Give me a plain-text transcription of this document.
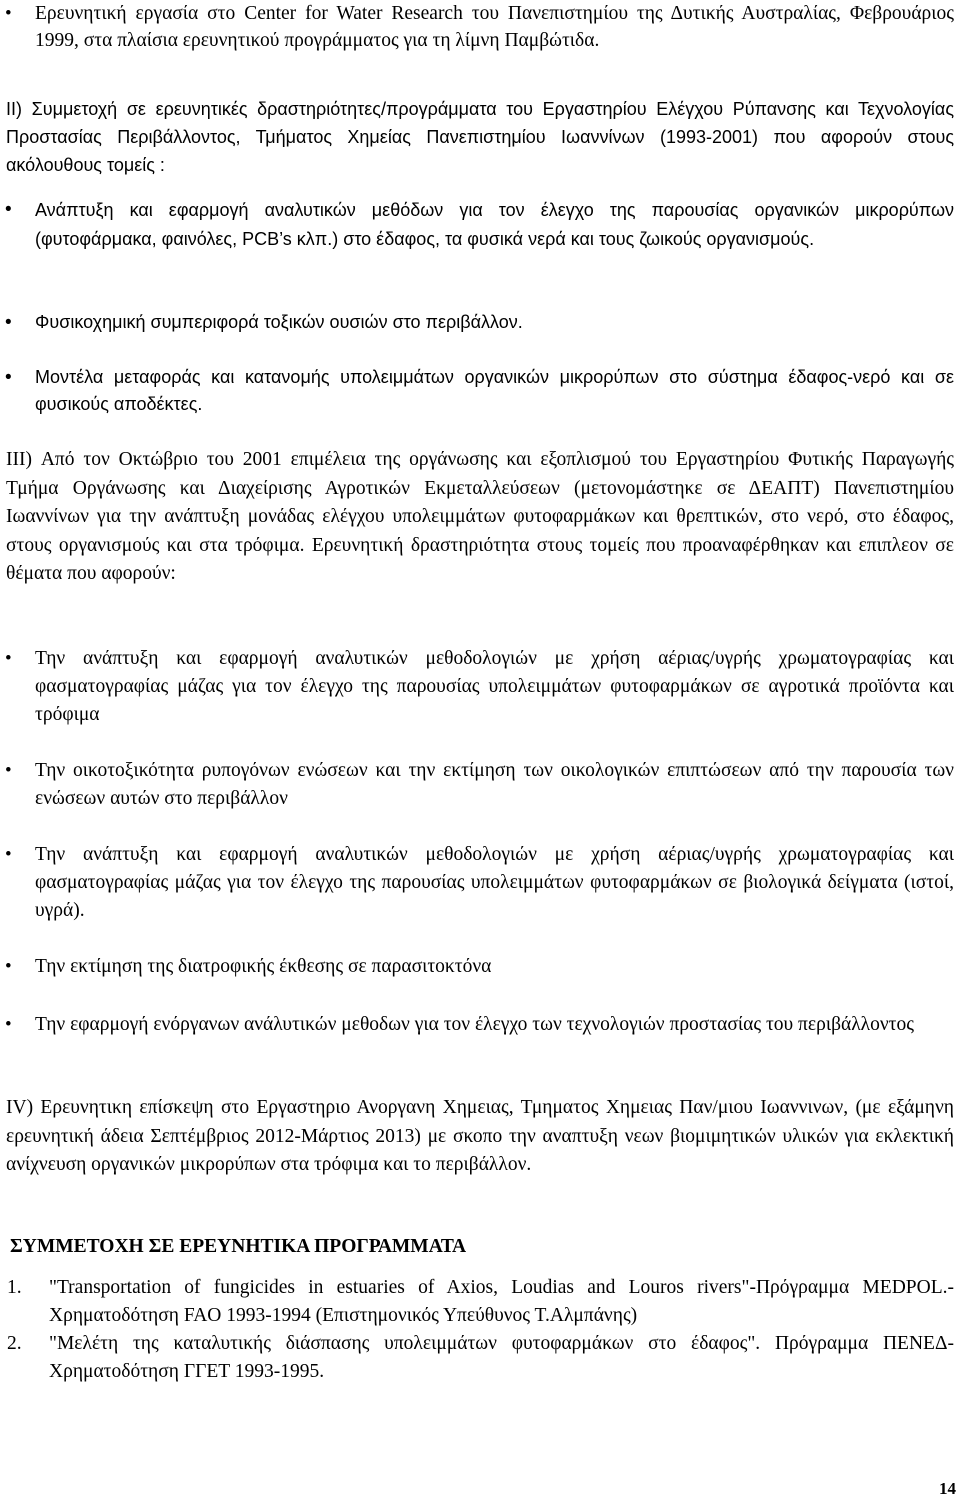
•	Ερευνητική εργασία στο Center for Water Research του Πανεπιστημίου της Δυτικής Αυστραλίας, Φεβρουάριος 1999, στα πλαίσια ερευνητικού προγράμματος για τη λίμνη Παμβώτιδα.

II) Συμμετοχή σε ερευνητικές δραστηριότητες/προγράμματα του Εργαστηρίου Ελέγχου Ρύπανσης και Τεχνολογίας Προστασίας Περιβάλλοντος, Τμήματος Χημείας Πανεπιστημίου Ιωαννίνων (1993-2001) που αφορούν στους ακόλουθους τομείς :

•	Ανάπτυξη και εφαρμογή αναλυτικών μεθόδων για τον έλεγχο της παρουσίας οργανικών μικρορύπων (φυτοφάρμακα, φαινόλες, PCB’s κλπ.) στο έδαφος, τα φυσικά νερά και τους ζωικούς οργανισμούς.

•	Φυσικοχημική συμπεριφορά τοξικών ουσιών στο περιβάλλον.

•	Μοντέλα μεταφοράς και κατανομής υπολειμμάτων οργανικών μικρορύπων στο σύστημα έδαφος-νερό και σε φυσικούς αποδέκτες.

III) Από τον Οκτώβριο του 2001 επιμέλεια της οργάνωσης και εξοπλισμού του Εργαστηρίου Φυτικής Παραγωγής Τμήμα Οργάνωσης και Διαχείρισης Αγροτικών Εκμεταλλεύσεων (μετονομάστηκε σε ΔΕΑΠΤ) Πανεπιστημίου Ιωαννίνων για την ανάπτυξη μονάδας ελέγχου υπολειμμάτων φυτοφαρμάκων και θρεπτικών, στο νερό, στο έδαφος, στους οργανισμούς και στα τρόφιμα. Ερευνητική δραστηριότητα στους τομείς που προαναφέρθηκαν και επιπλεον σε θέματα που αφορούν:

•	Την ανάπτυξη και εφαρμογή αναλυτικών μεθοδολογιών με χρήση αέριας/υγρής χρωματογραφίας και φασματογραφίας μάζας για τον έλεγχο της παρουσίας υπολειμμάτων φυτοφαρμάκων σε αγροτικά προϊόντα και τρόφιμα

•	Την οικοτοξικότητα ρυπογόνων ενώσεων και την εκτίμηση των οικολογικών επιπτώσεων από την παρουσία των ενώσεων αυτών στο περιβάλλον

•	Την ανάπτυξη και εφαρμογή αναλυτικών μεθοδολογιών με χρήση αέριας/υγρής χρωματογραφίας και φασματογραφίας μάζας για τον έλεγχο της παρουσίας υπολειμμάτων φυτοφαρμάκων σε βιολογικά δείγματα (ιστοί, υγρά).

•	Την εκτίμηση της διατροφικής έκθεσης σε παρασιτοκτόνα

•	Την εφαρμογή ενόργανων ανάλυτικών μεθοδων για τον έλεγχο των τεχνολογιών προστασίας του περιβάλλοντος

IV) Ερευνητικη επίσκεψη στο Εργαστηριο Ανοργανη Χημειας, Τμηματος Χημειας Παν/μιου Ιωαννινων, (με εξάμηνη ερευνητική άδεια Σεπτέμβριος 2012-Μάρτιος 2013) με σκοπο την αναπτυξη νεων βιομιμητικών υλικών για εκλεκτική ανίχνευση οργανικών μικρορύπων στα τρόφιμα και το περιβάλλον.

ΣΥΜΜΕΤΟΧΗ ΣΕ ΕΡΕΥΝΗΤΙΚΑ ΠΡΟΓΡΑΜΜΑΤΑ
1.	"Transportation of fungicides in estuaries of Axios, Loudias and Louros rivers"-Πρόγραμμα MEDPOL.-Χρηματοδότηση FAO 1993-1994 (Επιστημονικός Υπεύθυνος Τ.Αλμπάνης)

2.	"Μελέτη της καταλυτικής διάσπασης υπολειμμάτων φυτοφαρμάκων στο έδαφος". Πρόγραμμα ΠΕΝΕΔ-Χρηματοδότηση ΓΓΕΤ 1993-1995.

14
